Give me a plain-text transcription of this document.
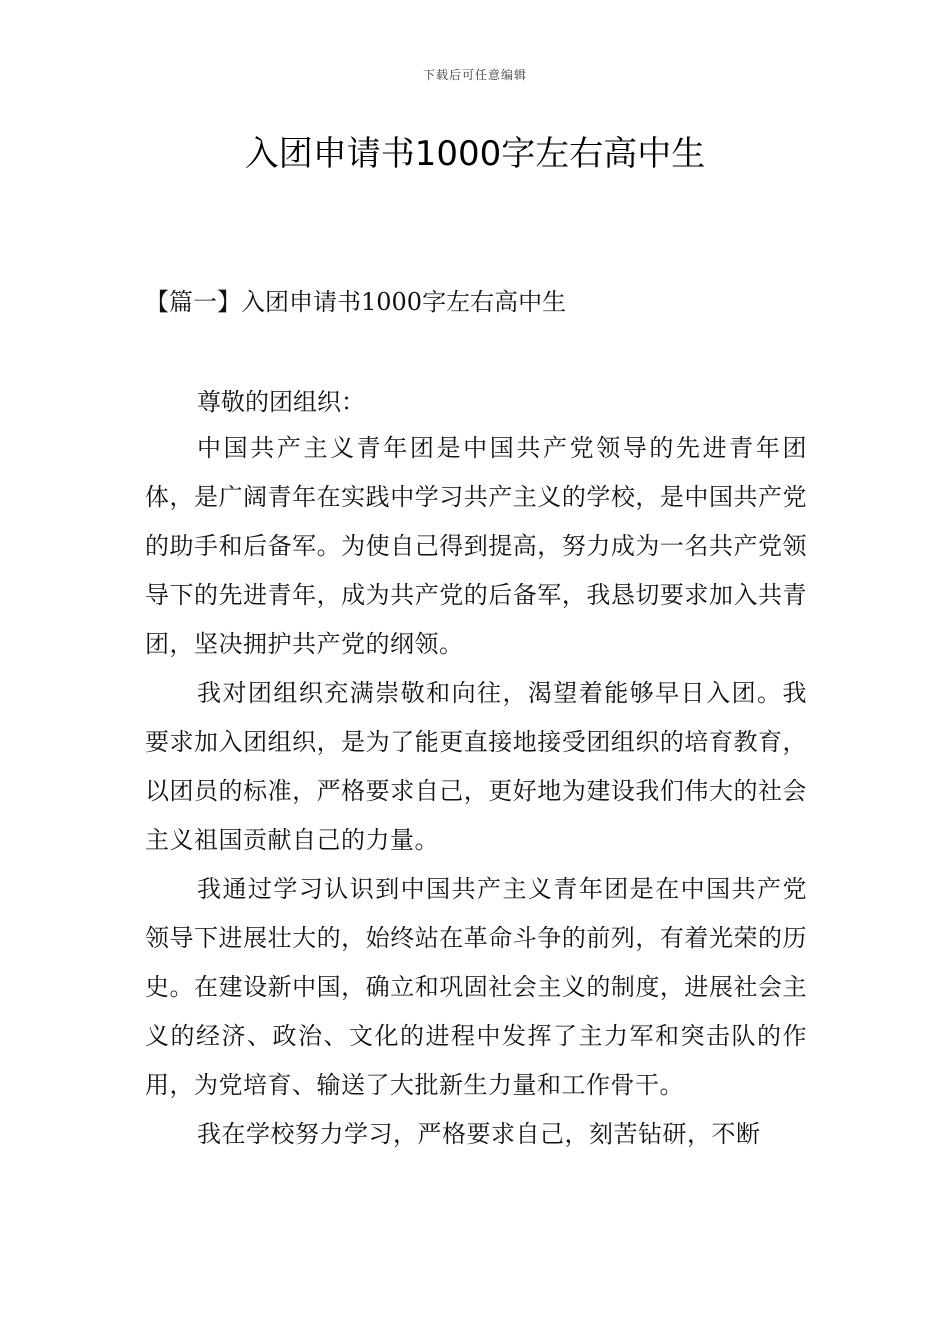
下载后可任意编辑
入团申请书1000字左右高中生
【篇一】入团申请书1000字左右高中生

尊敬的团组织：

中国共产主义青年团是中国共产党领导的先进青年团体，是广阔青年在实践中学习共产主义的学校，是中国共产党的助手和后备军。为使自己得到提高，努力成为一名共产党领导下的先进青年，成为共产党的后备军，我恳切要求加入共青团，坚决拥护共产党的纲领。

我对团组织充满崇敬和向往，渴望着能够早日入团。我要求加入团组织，是为了能更直接地接受团组织的培育教育，以团员的标准，严格要求自己，更好地为建设我们伟大的社会主义祖国贡献自己的力量。

我通过学习认识到中国共产主义青年团是在中国共产党领导下进展壮大的，始终站在革命斗争的前列，有着光荣的历史。在建设新中国，确立和巩固社会主义的制度，进展社会主义的经济、政治、文化的进程中发挥了主力军和突击队的作用，为党培育、输送了大批新生力量和工作骨干。

我在学校努力学习，严格要求自己，刻苦钻研，不断
